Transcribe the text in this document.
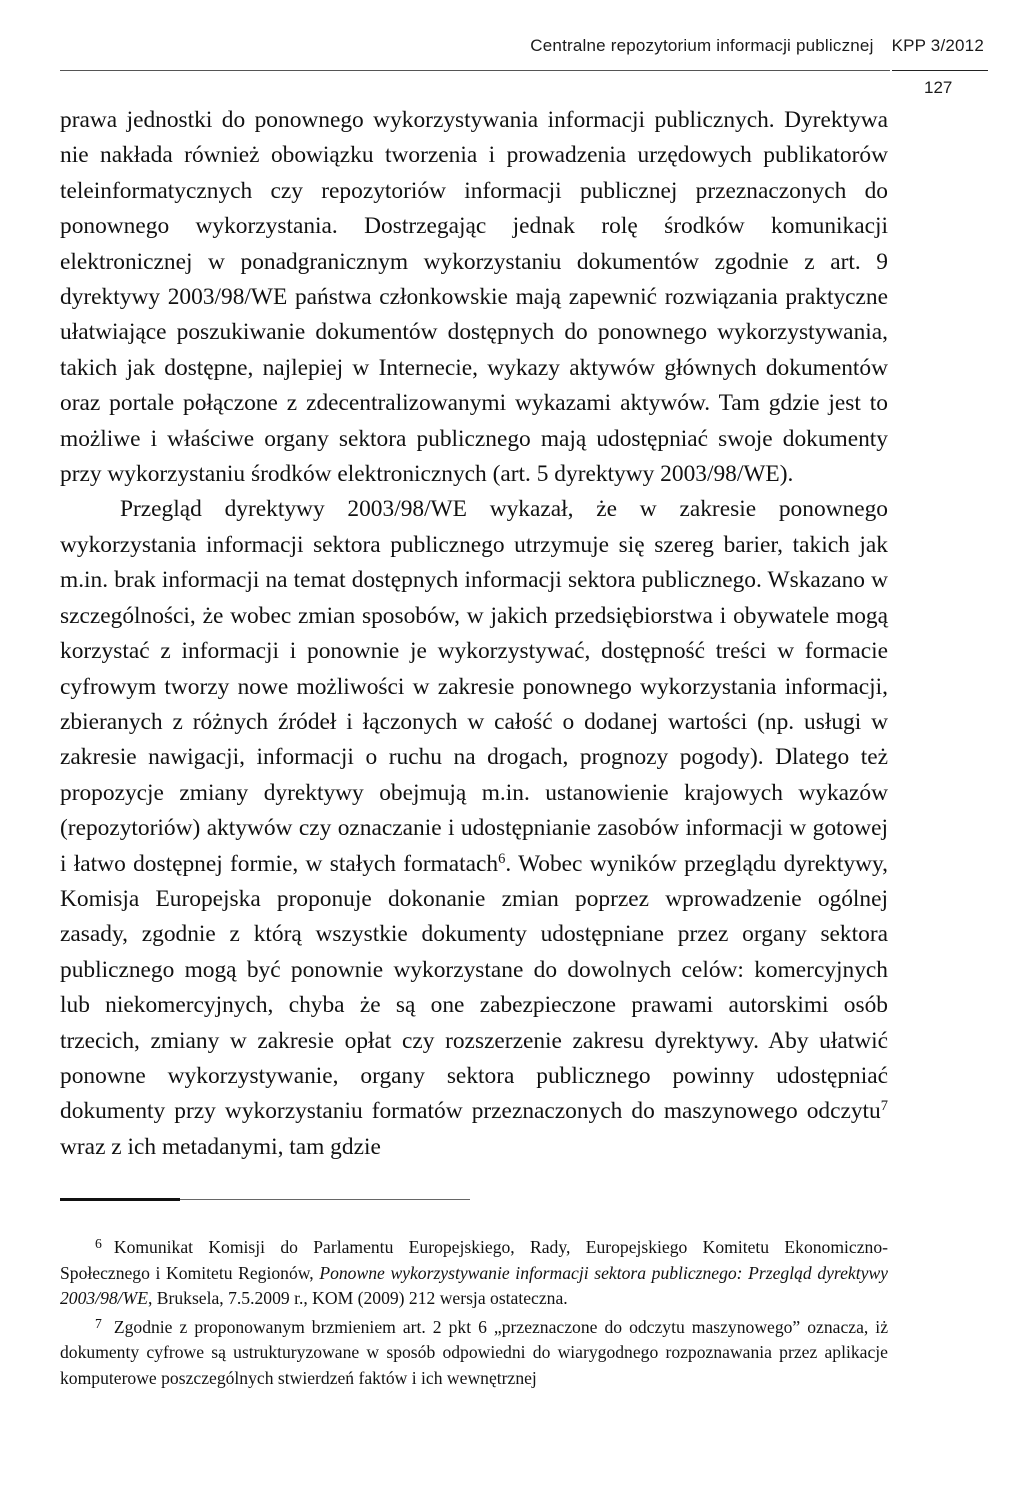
Centralne repozytorium informacji publicznej KPP 3/2012
127

prawa jednostki do ponownego wykorzystywania informacji publicznych. Dyrektywa nie nakłada również obowiązku tworzenia i prowadzenia urzędowych publikatorów teleinformatycznych czy repozytoriów informacji publicznej przeznaczonych do ponownego wykorzystania. Dostrzegając jednak rolę środków komunikacji elektronicznej w ponadgranicznym wykorzystaniu dokumentów zgodnie z art. 9 dyrektywy 2003/98/WE państwa członkowskie mają zapewnić rozwiązania praktyczne ułatwiające poszukiwanie dokumentów dostępnych do ponownego wykorzystywania, takich jak dostępne, najlepiej w Internecie, wykazy aktywów głównych dokumentów oraz portale połączone z zdecentralizowanymi wykazami aktywów. Tam gdzie jest to możliwe i właściwe organy sektora publicznego mają udostępniać swoje dokumenty przy wykorzystaniu środków elektronicznych (art. 5 dyrektywy 2003/98/WE).

Przegląd dyrektywy 2003/98/WE wykazał, że w zakresie ponownego wykorzystania informacji sektora publicznego utrzymuje się szereg barier, takich jak m.in. brak informacji na temat dostępnych informacji sektora publicznego. Wskazano w szczególności, że wobec zmian sposobów, w jakich przedsiębiorstwa i obywatele mogą korzystać z informacji i ponownie je wykorzystywać, dostępność treści w formacie cyfrowym tworzy nowe możliwości w zakresie ponownego wykorzystania informacji, zbieranych z różnych źródeł i łączonych w całość o dodanej wartości (np. usługi w zakresie nawigacji, informacji o ruchu na drogach, prognozy pogody). Dlatego też propozycje zmiany dyrektywy obejmują m.in. ustanowienie krajowych wykazów (repozytoriów) aktywów czy oznaczanie i udostępnianie zasobów informacji w gotowej i łatwo dostępnej formie, w stałych formatach$^6$. Wobec wyników przeglądu dyrektywy, Komisja Europejska proponuje dokonanie zmian poprzez wprowadzenie ogólnej zasady, zgodnie z którą wszystkie dokumenty udostępniane przez organy sektora publicznego mogą być ponownie wykorzystane do dowolnych celów: komercyjnych lub niekomercyjnych, chyba że są one zabezpieczone prawami autorskimi osób trzecich, zmiany w zakresie opłat czy rozszerzenie zakresu dyrektywy. Aby ułatwić ponowne wykorzystywanie, organy sektora publicznego powinny udostępniać dokumenty przy wykorzystaniu formatów przeznaczonych do maszynowego odczytu$^7$ wraz z ich metadanymi, tam gdzie

$^6$ Komunikat Komisji do Parlamentu Europejskiego, Rady, Europejskiego Komitetu Ekonomiczno-Społecznego i Komitetu Regionów, Ponowne wykorzystywanie informacji sektora publicznego: Przegląd dyrektywy 2003/98/WE, Bruksela, 7.5.2009 r., KOM (2009) 212 wersja ostateczna.

$^7$ Zgodnie z proponowanym brzmieniem art. 2 pkt 6 „przeznaczone do odczytu maszynowego” oznacza, iż dokumenty cyfrowe są ustrukturyzowane w sposób odpowiedni do wiarygodnego rozpoznawania przez aplikacje komputerowe poszczególnych stwierdzeń faktów i ich wewnętrznej
